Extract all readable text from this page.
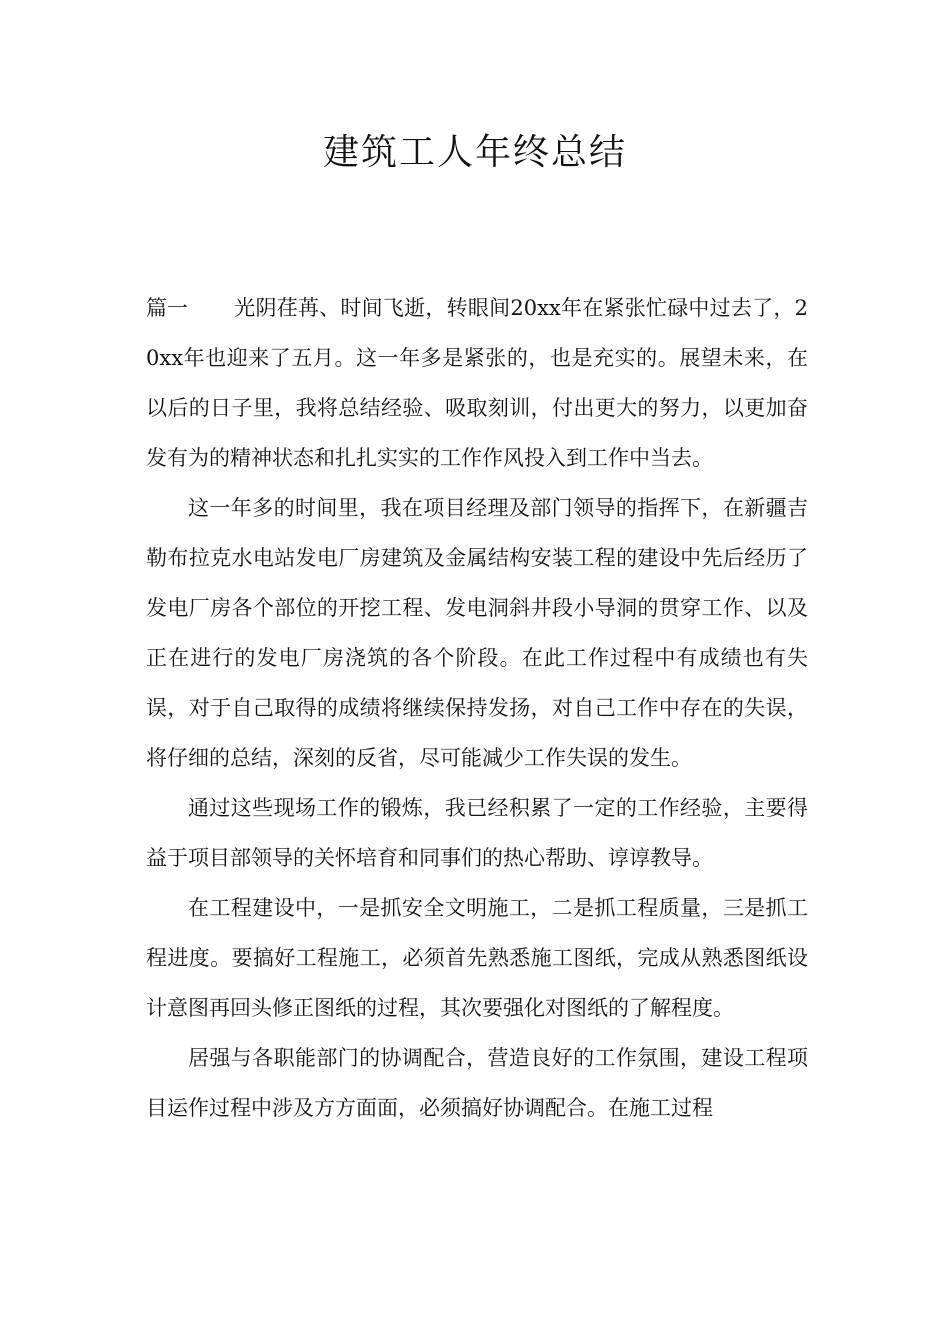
建筑工人年终总结

篇一 光阴荏苒、时间飞逝，转眼间20xx年在紧张忙碌中过去了，20xx年也迎来了五月。这一年多是紧张的，也是充实的。展望未来，在以后的日子里，我将总结经验、吸取刻训，付出更大的努力，以更加奋发有为的精神状态和扎扎实实的工作作风投入到工作中当去。

这一年多的时间里，我在项目经理及部门领导的指挥下，在新疆吉勒布拉克水电站发电厂房建筑及金属结构安装工程的建设中先后经历了发电厂房各个部位的开挖工程、发电洞斜井段小导洞的贯穿工作、以及正在进行的发电厂房浇筑的各个阶段。在此工作过程中有成绩也有失误，对于自己取得的成绩将继续保持发扬，对自己工作中存在的失误，将仔细的总结，深刻的反省，尽可能减少工作失误的发生。

通过这些现场工作的锻炼，我已经积累了一定的工作经验，主要得益于项目部领导的关怀培育和同事们的热心帮助、谆谆教导。

在工程建设中，一是抓安全文明施工，二是抓工程质量，三是抓工程进度。要搞好工程施工，必须首先熟悉施工图纸，完成从熟悉图纸设计意图再回头修正图纸的过程，其次要强化对图纸的了解程度。

居强与各职能部门的协调配合，营造良好的工作氛围，建设工程项目运作过程中涉及方方面面，必须搞好协调配合。在施工过程
